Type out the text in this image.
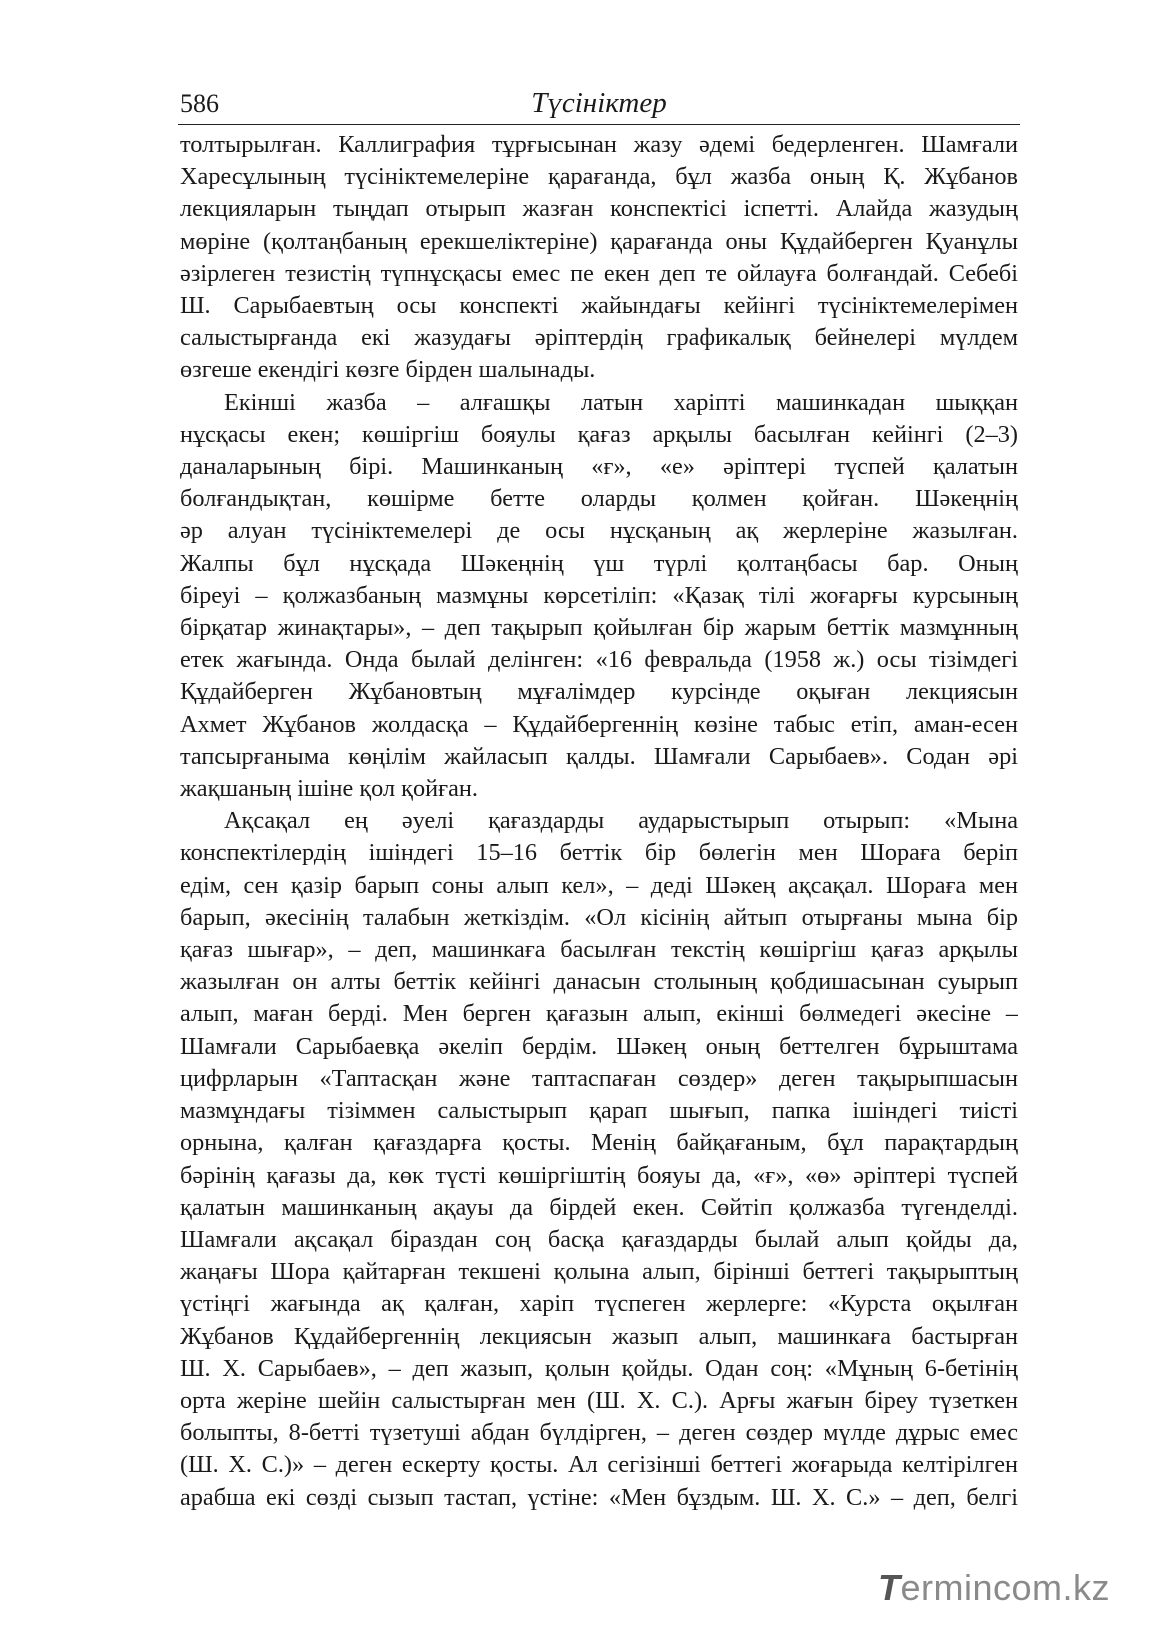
586	Түсініктер
толтырылған. Каллиграфия тұрғысынан жазу әдемі бедерленген. Шамғали
Харесұлының түсініктемелеріне қарағанда, бұл жазба оның Қ. Жұбанов
лекцияларын тыңдап отырып жазған конспектісі іспетті. Алайда жазудың
мөріне (қолтаңбаның ерекшеліктеріне) қарағанда оны Құдайберген Қуанұлы
әзірлеген тезистің түпнұсқасы емес пе екен деп те ойлауға болғандай. Себебі
Ш. Сарыбаевтың осы конспекті жайындағы кейінгі түсініктемелерімен
салыстырғанда екі жазудағы әріптердің графикалық бейнелері мүлдем
өзгеше екендігі көзге бірден шалынады.
Екінші жазба – алғашқы латын харіпті машинкадан шыққан
нұсқасы екен; көшіргіш бояулы қағаз арқылы басылған кейінгі (2–3)
даналарының бірі. Машинканың «ғ», «е» әріптері түспей қалатын
болғандықтан, көшірме бетте оларды қолмен қойған. Шәкеңнің
әр алуан түсініктемелері де осы нұсқаның ақ жерлеріне жазылған.
Жалпы бұл нұсқада Шәкеңнің үш түрлі қолтаңбасы бар. Оның
біреуі – қолжазбаның мазмұны көрсетіліп: «Қазақ тілі жоғарғы курсының
бірқатар жинақтары», – деп тақырып қойылған бір жарым беттік мазмұнның
етек жағында. Онда былай делінген: «16 февральда (1958 ж.) осы тізімдегі
Құдайберген Жұбановтың мұғалімдер курсінде оқыған лекциясын
Ахмет Жұбанов жолдасқа – Құдайбергеннің көзіне табыс етіп, аман-есен
тапсырғаныма көңілім жайласып қалды. Шамғали Сарыбаев». Содан әрі
жақшаның ішіне қол қойған.
Ақсақал ең әуелі қағаздарды аударыстырып отырып: «Мына
конспектілердің ішіндегі 15–16 беттік бір бөлегін мен Шораға беріп
едім, сен қазір барып соны алып кел», – деді Шәкең ақсақал. Шораға мен
барып, әкесінің талабын жеткіздім. «Ол кісінің айтып отырғаны мына бір
қағаз шығар», – деп, машинкаға басылған текстің көшіргіш қағаз арқылы
жазылған он алты беттік кейінгі данасын столының қобдишасынан суырып
алып, маған берді. Мен берген қағазын алып, екінші бөлмедегі әкесіне –
Шамғали Сарыбаевқа әкеліп бердім. Шәкең оның беттелген бұрыштама
цифрларын «Таптасқан және таптаспаған сөздер» деген тақырыпшасын
мазмұндағы тізіммен салыстырып қарап шығып, папка ішіндегі тиісті
орнына, қалған қағаздарға қосты. Менің байқағаным, бұл парақтардың
бәрінің қағазы да, көк түсті көшіргіштің бояуы да, «ғ», «ө» әріптері түспей
қалатын машинканың ақауы да бірдей екен. Сөйтіп қолжазба түгенделді.
Шамғали ақсақал біраздан соң басқа қағаздарды былай алып қойды да,
жаңағы Шора қайтарған текшені қолына алып, бірінші беттегі тақырыптың
үстіңгі жағында ақ қалған, харіп түспеген жерлерге: «Курста оқылған
Жұбанов Құдайбергеннің лекциясын жазып алып, машинкаға бастырған
Ш. Х. Сарыбаев», – деп жазып, қолын қойды. Одан соң: «Мұның 6-бетінің
орта жеріне шейін салыстырған мен (Ш. Х. С.). Арғы жағын біреу түзеткен
болыпты, 8-бетті түзетуші абдан бүлдірген, – деген сөздер мүлде дұрыс емес
(Ш. Х. С.)» – деген ескерту қосты. Ал сегізінші беттегі жоғарыда келтірілген
арабша екі сөзді сызып тастап, үстіне: «Мен бұздым. Ш. Х. С.» – деп, белгі
Termincom.kz
